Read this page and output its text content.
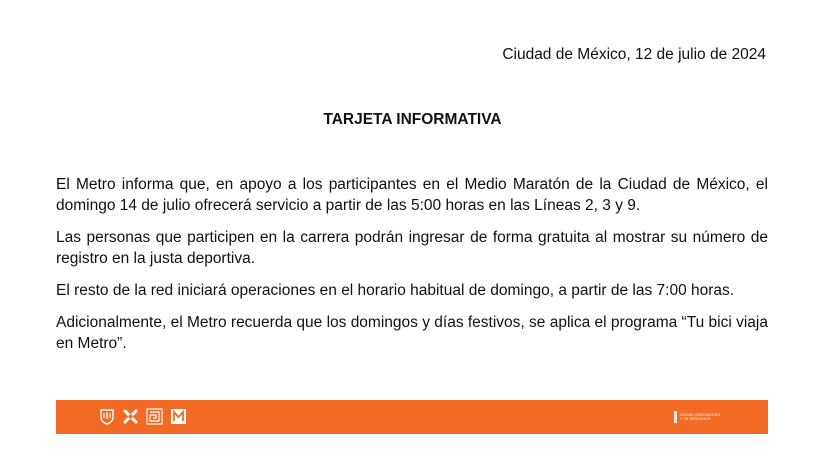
Ciudad de México, 12 de julio de 2024
TARJETA INFORMATIVA

El Metro informa que, en apoyo a los participantes en el Medio Maratón de la Ciudad de México, el domingo 14 de julio ofrecerá servicio a partir de las 5:00 horas en las Líneas 2, 3 y 9.

Las personas que participen en la carrera podrán ingresar de forma gratuita al mostrar su número de registro en la justa deportiva.

El resto de la red iniciará operaciones en el horario habitual de domingo, a partir de las 7:00 horas.

Adicionalmente, el Metro recuerda que los domingos y días festivos, se aplica el programa “Tu bici viaja en Metro”.

CIUDAD INNOVADORA
Y DE DERECHOS
